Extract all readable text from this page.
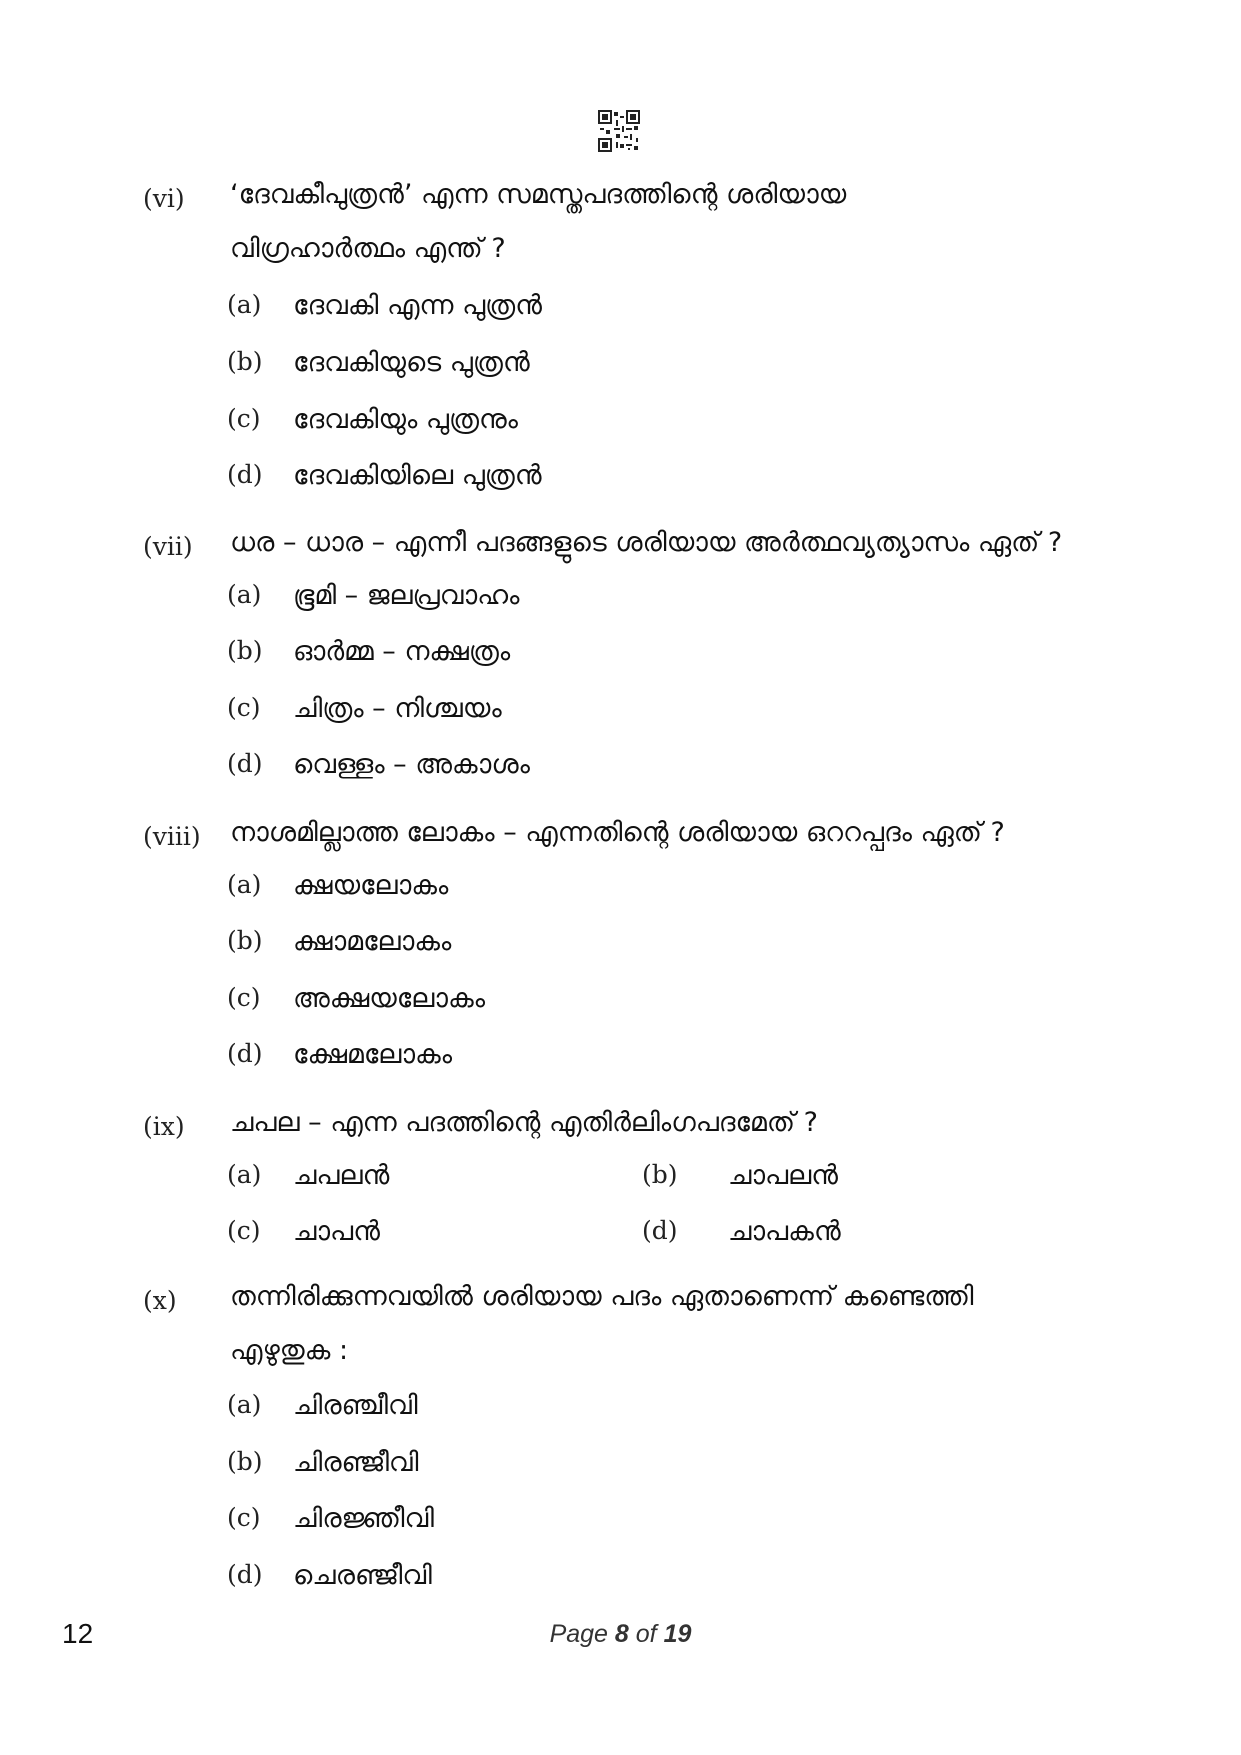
(vi) ‘ദേവകീപുത്രൻ’ എന്ന സമസ്തപദത്തിന്റെ ശരിയായ
വിഗ്രഹാർത്ഥം എന്ത് ?
(a) ദേവകി എന്ന പുത്രൻ
(b) ദേവകിയുടെ പുത്രൻ
(c) ദേവകിയും പുത്രനും
(d) ദേവകിയിലെ പുത്രൻ
(vii) ധര – ധാര – എന്നീ പദങ്ങളുടെ ശരിയായ അർത്ഥവ്യത്യാസം ഏത് ?
(a) ഭൂമി – ജലപ്രവാഹം
(b) ഓർമ്മ – നക്ഷത്രം
(c) ചിത്രം – നിശ്ചയം
(d) വെള്ളം – അകാശം
(viii) നാശമില്ലാത്ത ലോകം – എന്നതിന്റെ ശരിയായ ഒററപ്പദം ഏത് ?
(a) ക്ഷയലോകം
(b) ക്ഷാമലോകം
(c) അക്ഷയലോകം
(d) ക്ഷേമലോകം
(ix) ചപല – എന്ന പദത്തിന്റെ എതിർലിംഗപദമേത് ?
(a) ചപലൻ	(b) ചാപലൻ
(c) ചാപൻ	(d) ചാപകൻ
(x) തന്നിരിക്കുന്നവയിൽ ശരിയായ പദം ഏതാണെന്ന് കണ്ടെത്തി
എഴുതുക :
(a) ചിരഞ്ചീവി
(b) ചിരഞ്ജീവി
(c) ചിരജ്ഞീവി
(d) ചെരഞ്ജീവി
12	Page 8 of 19
